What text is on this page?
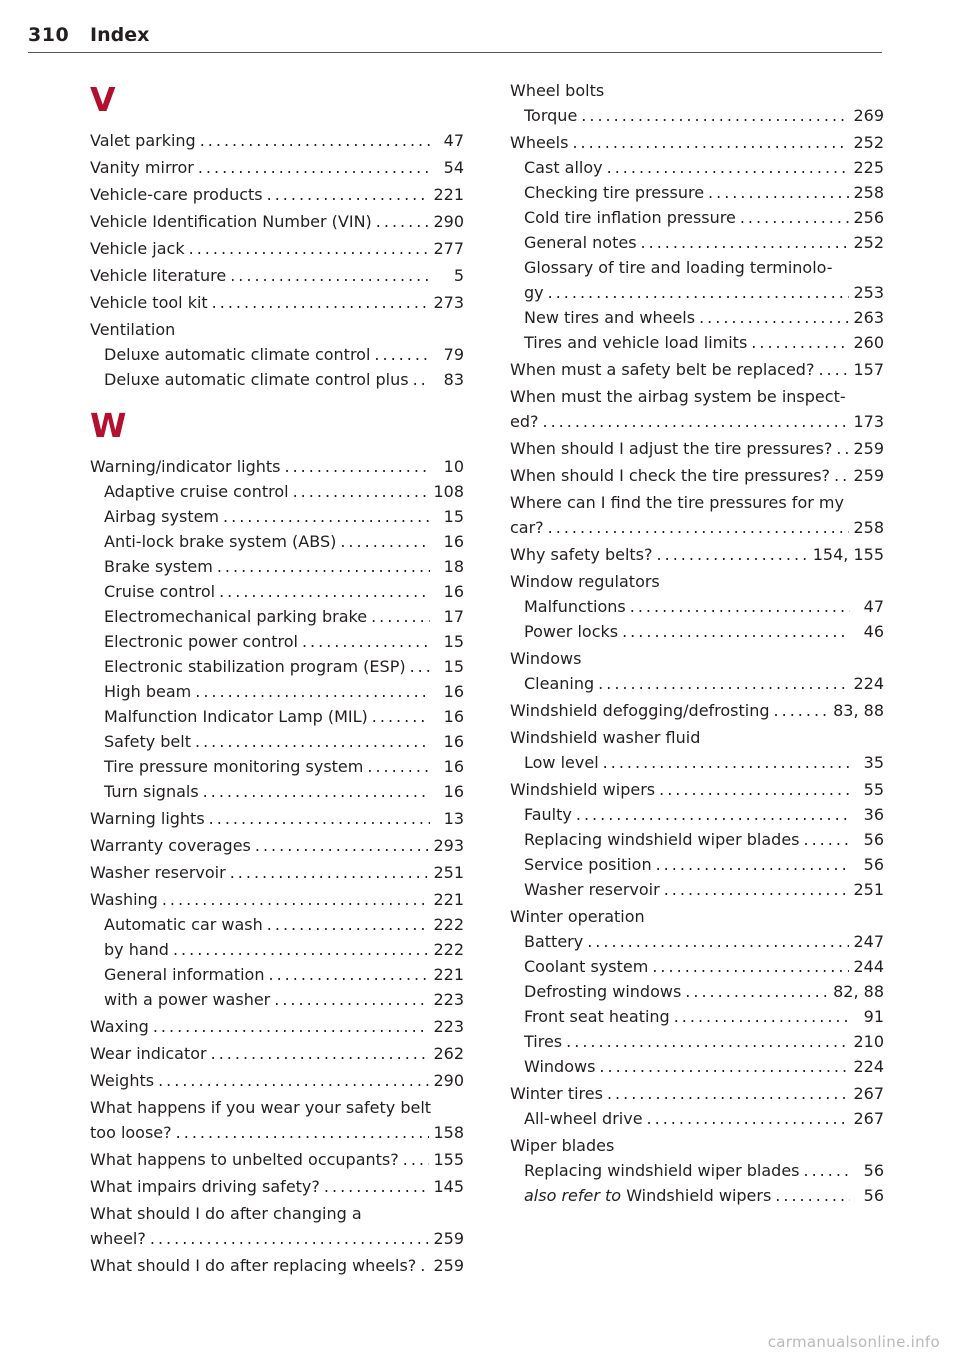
310 Index
V
Valet parking .....	47
Vanity mirror .....	54
Vehicle-care products .....	221
Vehicle Identification Number (VIN) .....	290
Vehicle jack .....	277
Vehicle literature .....	5
Vehicle tool kit .....	273
Ventilation
Deluxe automatic climate control .....	79
Deluxe automatic climate control plus .....	83
W
Warning/indicator lights .....	10
Adaptive cruise control .....	108
Airbag system .....	15
Anti-lock brake system (ABS) .....	16
Brake system .....	18
Cruise control .....	16
Electromechanical parking brake .....	17
Electronic power control .....	15
Electronic stabilization program (ESP) .....	15
High beam .....	16
Malfunction Indicator Lamp (MIL) .....	16
Safety belt .....	16
Tire pressure monitoring system .....	16
Turn signals .....	16
Warning lights .....	13
Warranty coverages .....	293
Washer reservoir .....	251
Washing .....	221
Automatic car wash .....	222
by hand .....	222
General information .....	221
with a power washer .....	223
Waxing .....	223
Wear indicator .....	262
Weights .....	290
What happens if you wear your safety belt
too loose? .....	158
What happens to unbelted occupants? ..... 155
What impairs driving safety? .....	145
What should I do after changing a
wheel? .....	259
What should I do after replacing wheels? ..... 259
Wheel bolts
Torque .....	269
Wheels .....	252
Cast alloy .....	225
Checking tire pressure .....	258
Cold tire inflation pressure .....	256
General notes .....	252
Glossary of tire and loading terminolo-
gy .....	253
New tires and wheels .....	263
Tires and vehicle load limits .....	260
When must a safety belt be replaced? ..... 157
When must the airbag system be inspect-
ed? .....	173
When should I adjust the tire pressures? ..... 259
When should I check the tire pressures? ..... 259
Where can I find the tire pressures for my
car? .....	258
Why safety belts? .....	154, 155
Window regulators
Malfunctions .....	47
Power locks .....	46
Windows
Cleaning .....	224
Windshield defogging/defrosting .....	83, 88
Windshield washer fluid
Low level .....	35
Windshield wipers .....	55
Faulty .....	36
Replacing windshield wiper blades .....	56
Service position .....	56
Washer reservoir .....	251
Winter operation
Battery .....	247
Coolant system .....	244
Defrosting windows .....	82, 88
Front seat heating .....	91
Tires .....	210
Windows .....	224
Winter tires .....	267
All-wheel drive .....	267
Wiper blades
Replacing windshield wiper blades .....	56
also refer to Windshield wipers .....	56
carmanualsonline.info
